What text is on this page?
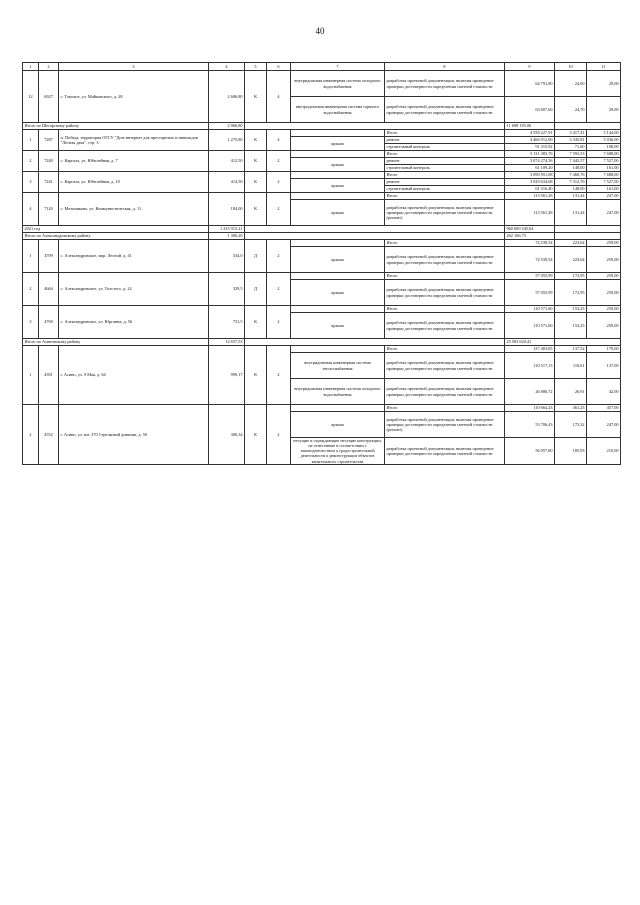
40
1	2	3	4	5	6	7	8	9	10	11
12	6927	с. Томское, ул. Майковского, д. 28	2 686,80	К	4	внутридомовая инженерная система холодного водоснабжения	разработка проектной документации, включая проведение проверки достоверности определения сметной стоимости	64 791,80	24,00	29,00
						внутридомовая инженерная система горячего водоснабжения	разработка проектной документации, включая проведение проверки достоверности определения сметной стоимости	63 607,60	24,70	29,00
Итого по Шегарскому району			2 966,80					11 698 159,06		
1	7287	п. Победа, территория ОГСУ "Дом-интернат для престарелых и инвалидов "Лесная дача", стр. 3	1 275,80	К	4		Итого	4 558 227,91	3 417,41	5 144,00
						крыша	ремонт	4 466 912,00	3 345,81	5 036,00
							строительный контроль	91 315,92	71,60	108,00
2	7240	с. Каргала, ул. Юбилейная, д. 7	412,50	К	2		Итого	3 131 383,76	7 593,53	7 688,00
						крыша	ремонт	3 074 274,56	7 445,57	7 527,00
							строительный контроль	61 109,20	148,00	161,00
3	7241	с. Каргала, ул. Юбилейная, д. 10	414,50	К	2		Итого	3 090 951,08	7 460,76	7 688,00
						крыша	ремонт	3 029 634,68	7 312,76	7 527,00
							строительный контроль	61 316,40	148,00	161,00
4	7120	с. Мельниково, ул. Коммунистическая, д. 11	184,00	К	2		Итого	113 561,28	131,44	247,00
						крыша	разработка проектной документации, включая проведение проверки достоверности определения сметной стоимости (ремонт)	113 561,28	131,44	247,00
2021 год			1 235 915,21					960 600 345,64		
Итого по Александровскому району			1 306,20					262 166,75		
1	4709	с. Александровское, мкр. Лесной, д. 41	334,0	Д	2		Итого	74 539,54	223,64	259,00
						крыша	разработка проектной документации, включая проведение проверки достоверности определения сметной стоимости	74 539,54	223,64	259,00
2	4664	с. Александровское, ул. Толстого, д. 22	329,5	Д	2		Итого	57 055,99	172,95	259,00
						крыша	разработка проектной документации, включая проведение проверки достоверности определения сметной стоимости	57 055,99	172,95	259,00
3	4769	с. Александровское, ул. Юрганна, д. 56	731,5	К	2		Итого	110 571,60	153,25	259,00
						крыша	разработка проектной документации, включая проведение проверки достоверности определения сметной стоимости	110 571,60	153,25	259,00
Итого по Асиновскому району			12 657,53					25 583 620,41		
1	4391	г. Асино, ул. 9 Мая, д. 64	999,17	К	2		Итого	137 403,85	137,52	179,00
						внутридомовая инженерная система теплоснабжения	разработка проектной документации, включая проведение проверки достоверности определения сметной стоимости	110 517,13	110,61	137,00
						внутридомовая инженерная система холодного водоснабжения	разработка проектной документации, включая проведение проверки достоверности определения сметной стоимости	26 886,72	26,91	42,00
2	4552	г. Асино, ул. им. 370 Стрелковой дивизии, д. 50	306,34	К	2		Итого	110 664,23	361,25	457,00
						крыша	разработка проектной документации, включая проведение проверки достоверности определения сметной стоимости (ремонт)	53 706,43	175,32	247,00
						несущие и ограждающие несущие конструкции, не отнесенные в соответствии с законодательством о градостроительной деятельности к реконструкции объектов капитального строительства	разработка проектной документации, включая проведение проверки достоверности определения сметной стоимости	56 957,80	185,93	210,00
